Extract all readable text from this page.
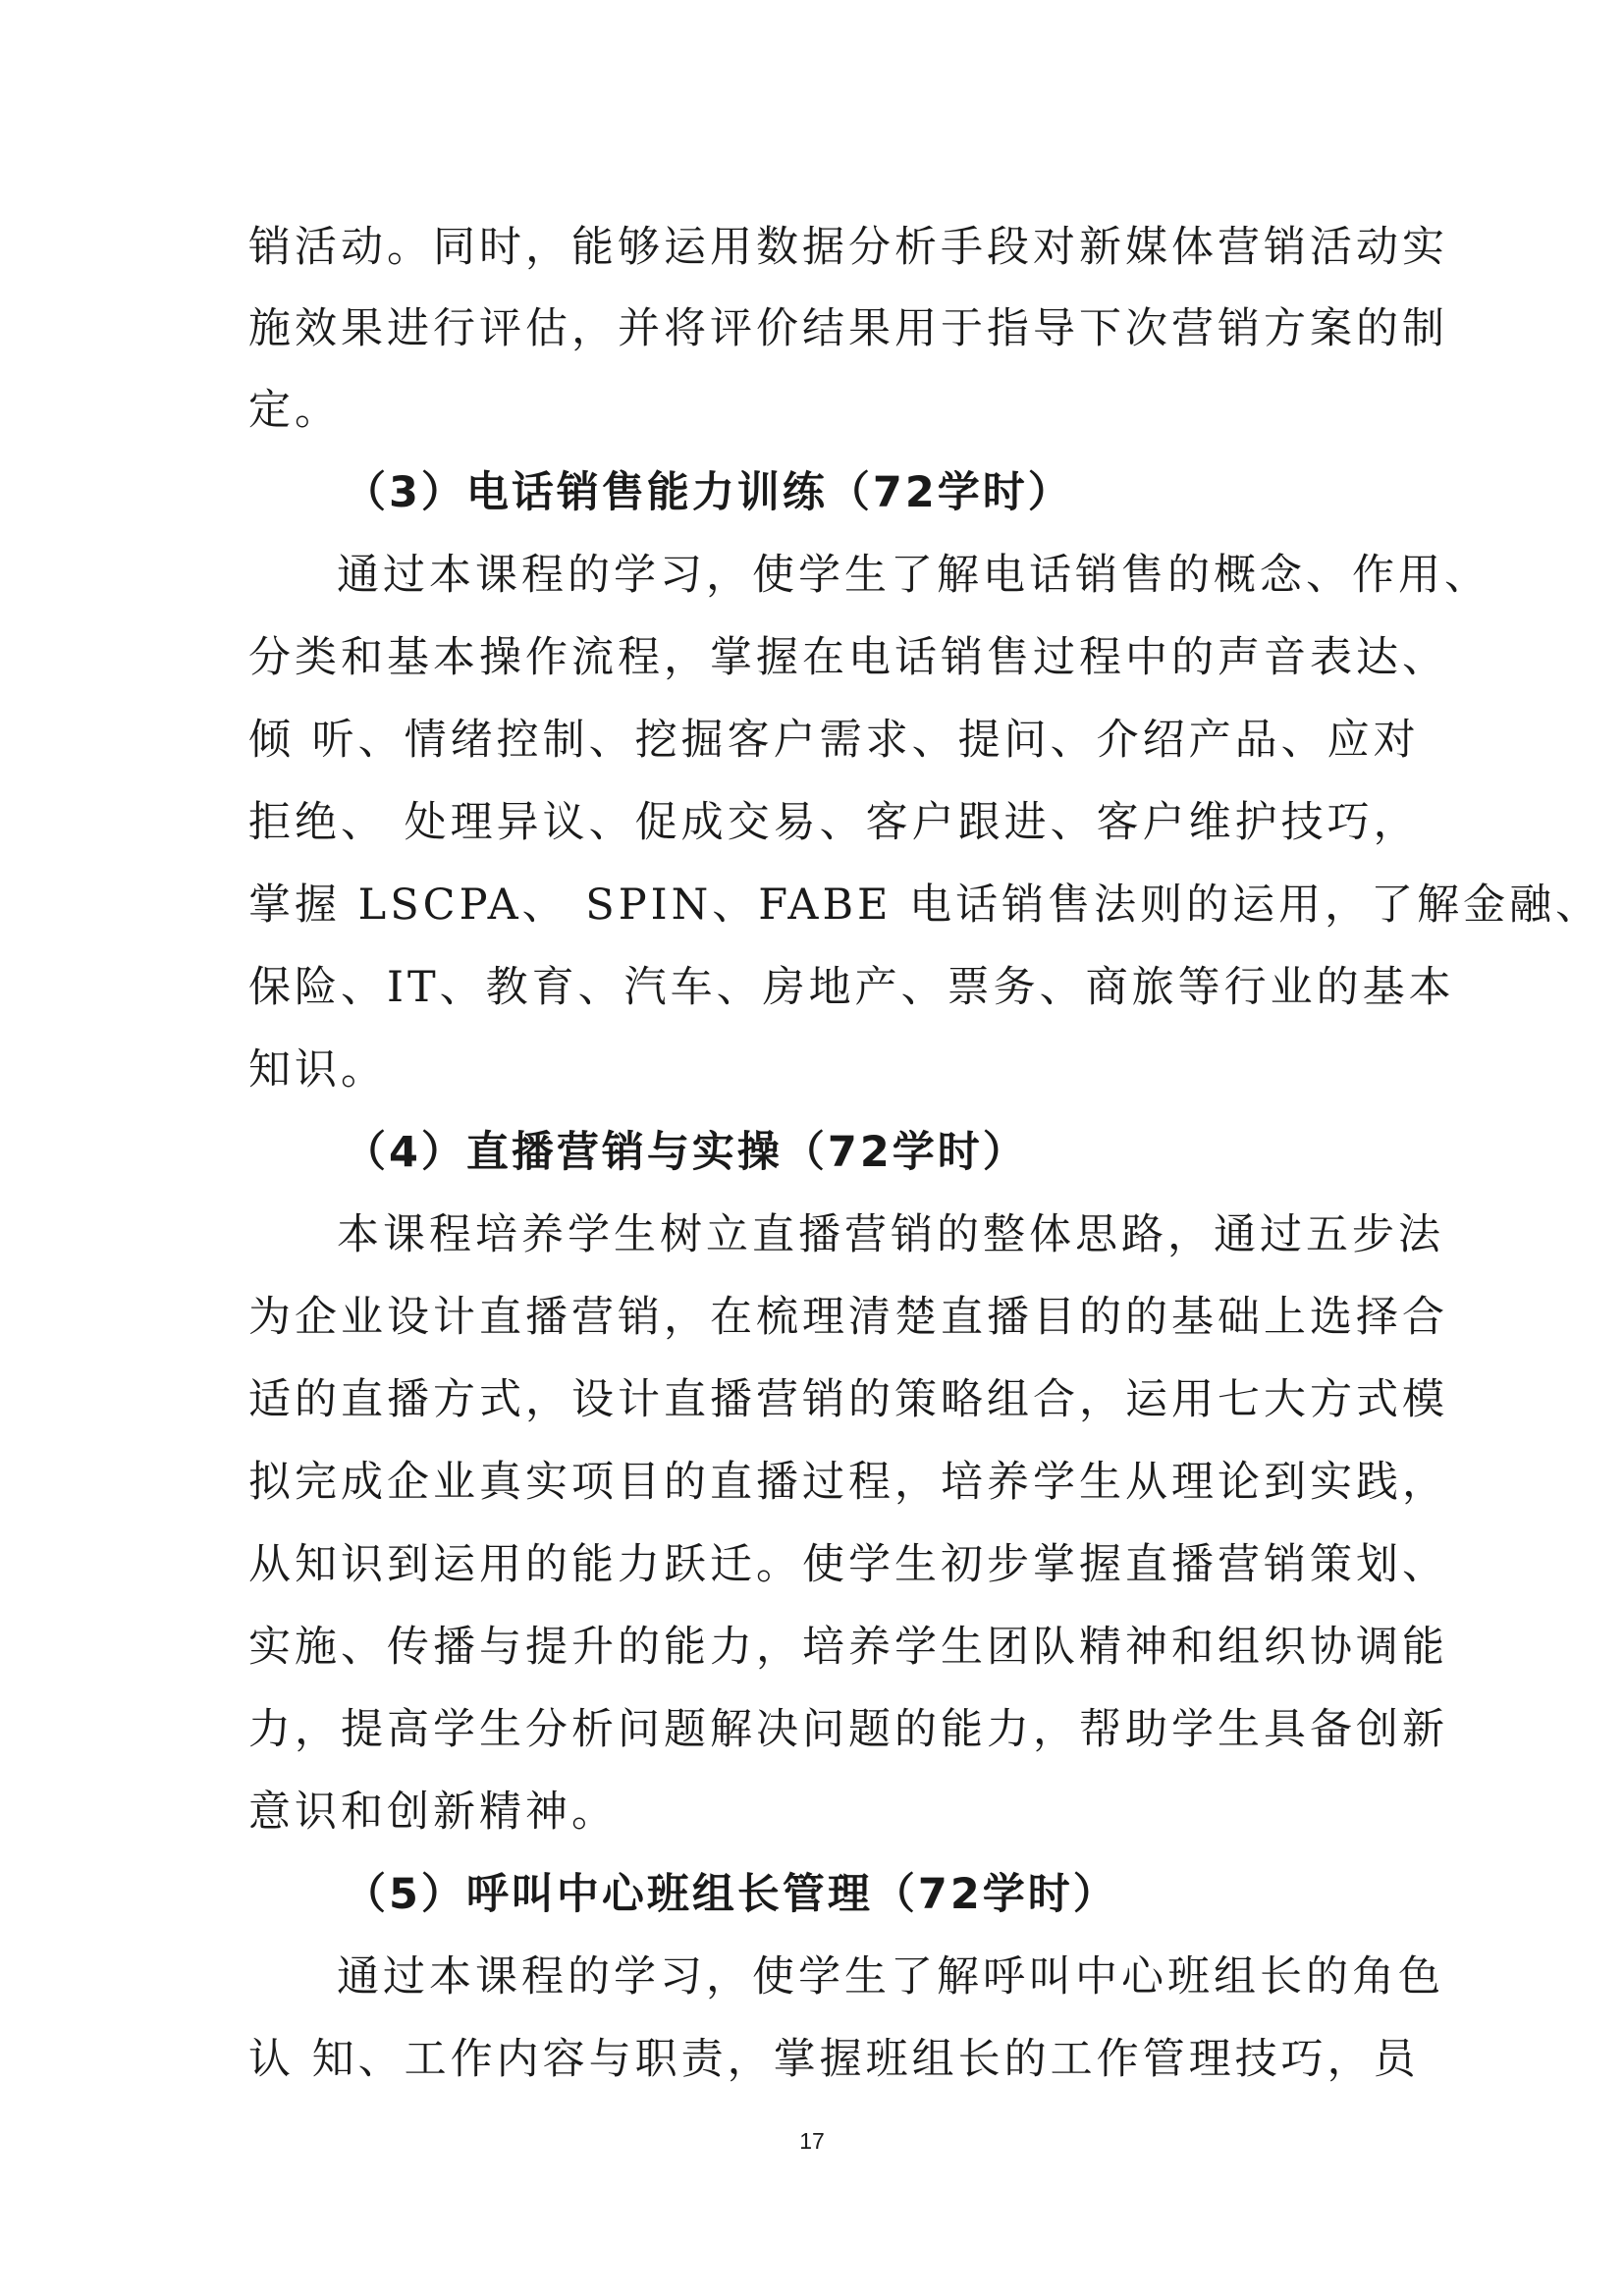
销活动。同时，能够运用数据分析手段对新媒体营销活动实
施效果进行评估，并将评价结果用于指导下次营销方案的制
定。
（3）电话销售能力训练（72学时）
通过本课程的学习，使学生了解电话销售的概念、作用、
分类和基本操作流程，掌握在电话销售过程中的声音表达、
倾 听、情绪控制、挖掘客户需求、提问、介绍产品、应对
拒绝、 处理异议、促成交易、客户跟进、客户维护技巧，
掌握 LSCPA、 SPIN、FABE 电话销售法则的运用，了解金融、
保险、IT、教育、汽车、房地产、票务、商旅等行业的基本
知识。
（4）直播营销与实操（72学时）
本课程培养学生树立直播营销的整体思路，通过五步法
为企业设计直播营销，在梳理清楚直播目的的基础上选择合
适的直播方式，设计直播营销的策略组合，运用七大方式模
拟完成企业真实项目的直播过程，培养学生从理论到实践，
从知识到运用的能力跃迁。使学生初步掌握直播营销策划、
实施、传播与提升的能力，培养学生团队精神和组织协调能
力，提高学生分析问题解决问题的能力，帮助学生具备创新
意识和创新精神。
（5）呼叫中心班组长管理（72学时）
通过本课程的学习，使学生了解呼叫中心班组长的角色
认 知、工作内容与职责，掌握班组长的工作管理技巧，员
17
